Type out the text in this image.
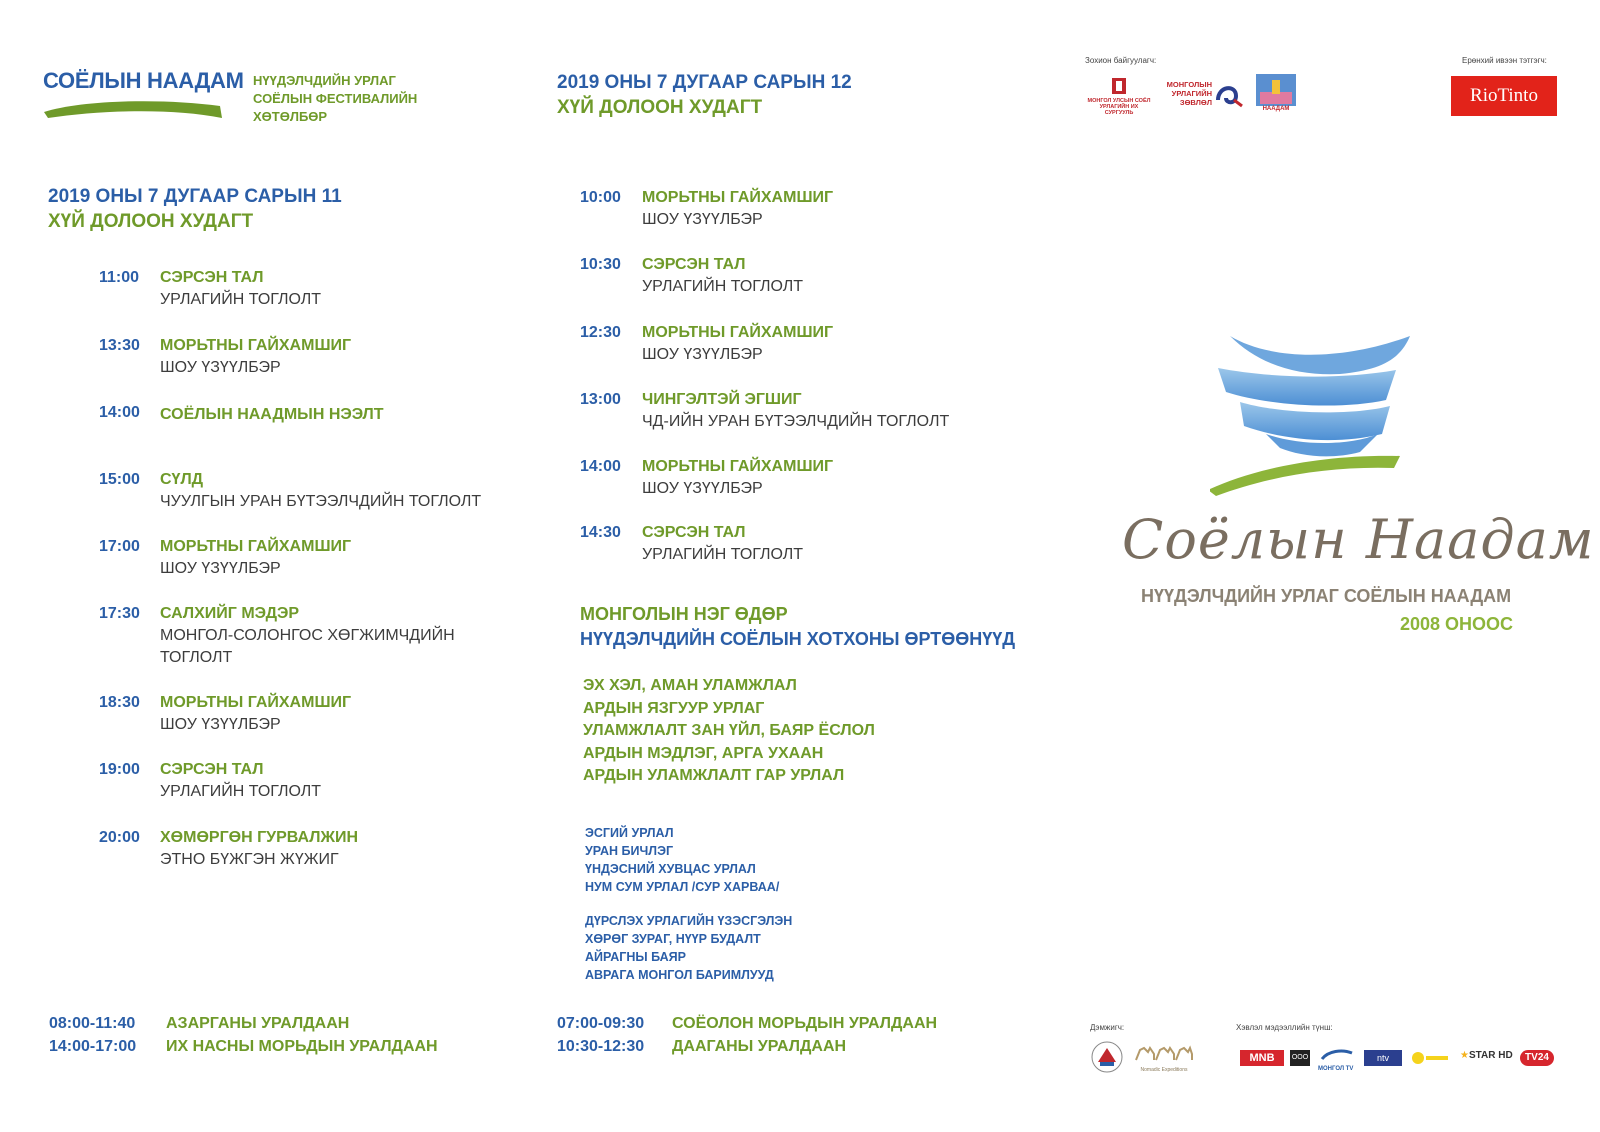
СОЁЛЫН НААДАМ НҮҮДЭЛЧДИЙН УРЛАГ
СОЁЛЫН ФЕСТИВАЛИЙН
ХӨТӨЛБӨР
2019 ОНЫ 7 ДУГААР САРЫН 12
ХҮЙ ДОЛООН ХУДАГТ
Зохион байгуулагч:
МОНГОЛ УЛСЫН СОЁЛ УРЛАГИЙН ИХ СУРГУУЛЬ
МОНГОЛЫН УРЛАГИЙН ЗӨВЛӨЛ
НААДАМ
Ерөнхий ивээн тэтгэгч:
RioTinto
2019 ОНЫ 7 ДУГААР САРЫН 11
ХҮЙ ДОЛООН ХУДАГТ
11:00	СЭРСЭН ТАЛ
УРЛАГИЙН ТОГЛОЛТ
13:30	МОРЬТНЫ ГАЙХАМШИГ
ШОУ ҮЗҮҮЛБЭР
14:00	СОЁЛЫН НААДМЫН НЭЭЛТ
15:00	СҮЛД
ЧУУЛГЫН УРАН БҮТЭЭЛЧДИЙН ТОГЛОЛТ
17:00	МОРЬТНЫ ГАЙХАМШИГ
ШОУ ҮЗҮҮЛБЭР
17:30	САЛХИЙГ МЭДЭР
МОНГОЛ-СОЛОНГОС ХӨГЖИМЧДИЙН ТОГЛОЛТ
18:30	МОРЬТНЫ ГАЙХАМШИГ
ШОУ ҮЗҮҮЛБЭР
19:00	СЭРСЭН ТАЛ
УРЛАГИЙН ТОГЛОЛТ
20:00	ХӨМӨРГӨН ГУРВАЛЖИН
ЭТНО БҮЖГЭН ЖҮЖИГ
08:00-11:40	АЗАРГАНЫ УРАЛДААН
14:00-17:00	ИХ НАСНЫ МОРЬДЫН УРАЛДААН
10:00	МОРЬТНЫ ГАЙХАМШИГ
ШОУ ҮЗҮҮЛБЭР
10:30	СЭРСЭН ТАЛ
УРЛАГИЙН ТОГЛОЛТ
12:30	МОРЬТНЫ ГАЙХАМШИГ
ШОУ ҮЗҮҮЛБЭР
13:00	ЧИНГЭЛТЭЙ ЭГШИГ
ЧД-ИЙН УРАН БҮТЭЭЛЧДИЙН ТОГЛОЛТ
14:00	МОРЬТНЫ ГАЙХАМШИГ
ШОУ ҮЗҮҮЛБЭР
14:30	СЭРСЭН ТАЛ
УРЛАГИЙН ТОГЛОЛТ
МОНГОЛЫН НЭГ ӨДӨР
НҮҮДЭЛЧДИЙН СОЁЛЫН ХОТХОНЫ ӨРТӨӨНҮҮД
ЭХ ХЭЛ, АМАН УЛАМЖЛАЛ
АРДЫН ЯЗГУУР УРЛАГ
УЛАМЖЛАЛТ ЗАН ҮЙЛ, БАЯР ЁСЛОЛ
АРДЫН МЭДЛЭГ, АРГА УХААН
АРДЫН УЛАМЖЛАЛТ ГАР УРЛАЛ
ЭСГИЙ УРЛАЛ
УРАН БИЧЛЭГ
ҮНДЭСНИЙ ХУВЦАС УРЛАЛ
НУМ СУМ УРЛАЛ /СУР ХАРВАА/
ДҮРСЛЭХ УРЛАГИЙН ҮЗЭСГЭЛЭН
ХӨРӨГ ЗУРАГ, НҮҮР БУДАЛТ
АЙРАГНЫ БАЯР
АВРАГА МОНГОЛ БАРИМЛУУД
07:00-09:30	СОЁОЛОН МОРЬДЫН УРАЛДААН
10:30-12:30	ДААГАНЫ УРАЛДААН
Соёлын Наадам
НҮҮДЭЛЧДИЙН УРЛАГ СОЁЛЫН НААДАМ
2008 ОНООС
Дэмжигч:
Nomadic Expeditions
Хэвлэл мэдээллийн түнш:
MNB	ООО
МОНГОЛ TV
ntv	★STAR HD	TV24
